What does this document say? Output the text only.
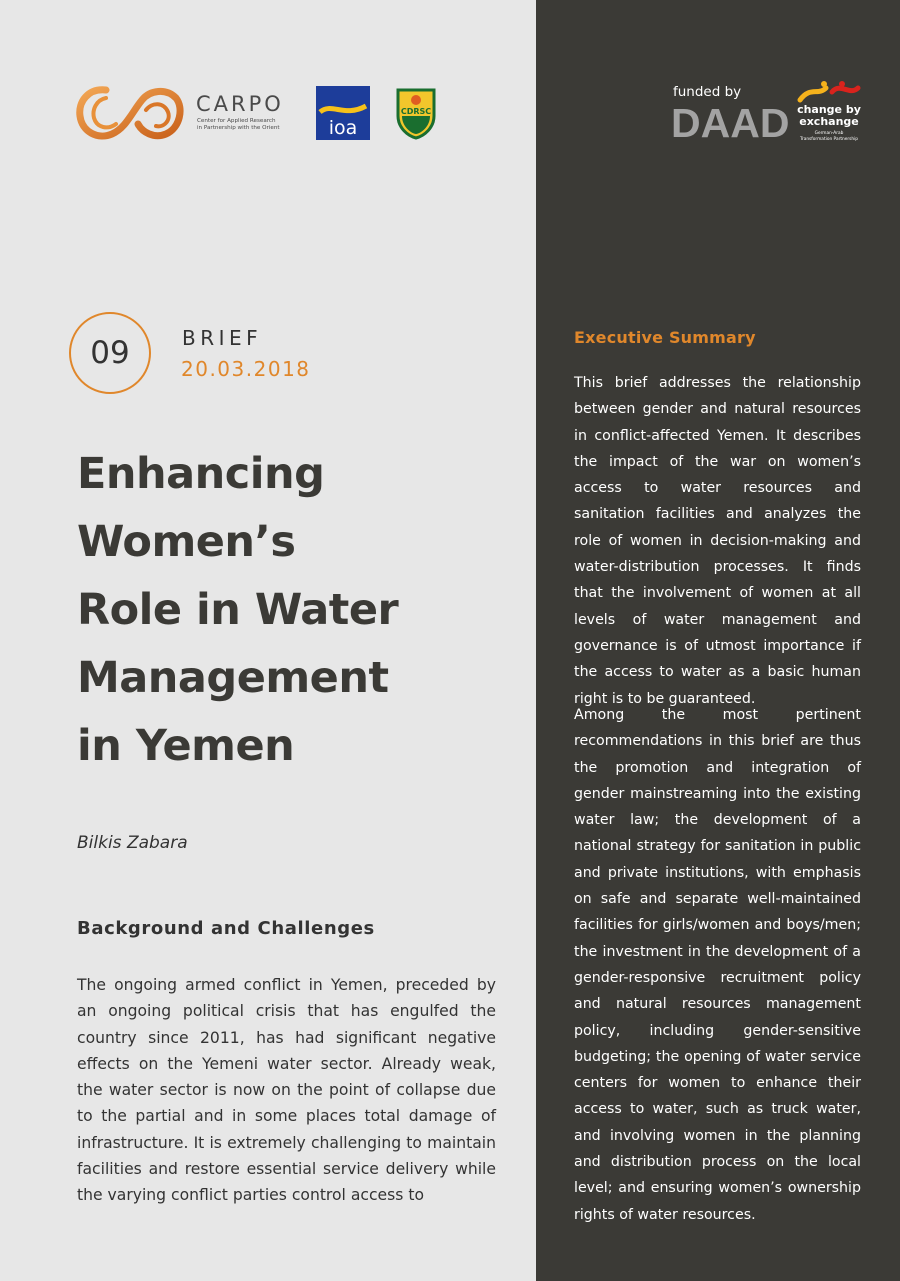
CARPO
Center for Applied Research
in Partnership with the Orient	ioa
CDRSC
funded by
DAAD change by
exchange
German-Arab
Transformation Partnership
09	BRIEF
20.03.2018
Enhancing
Women’s
Role in Water
Management
in Yemen
Bilkis Zabara
Background and Challenges

The ongoing armed conflict in Yemen, preceded by an ongoing political crisis that has engulfed the country since 2011, has had significant negative effects on the Yemeni water sector. Already weak, the water sector is now on the point of collapse due to the partial and in some places total damage of infrastructure. It is extremely challenging to maintain facilities and restore essential service delivery while the varying conflict parties control access to

Executive Summary

This brief addresses the relationship between gender and natural resources in conflict-affected Yemen. It describes the impact of the war on women’s access to water resources and sanitation facilities and analyzes the role of women in decision-making and water-distribution processes. It finds that the involvement of women at all levels of water management and governance is of utmost importance if the access to water as a basic human right is to be guaranteed.

Among the most pertinent recommendations in this brief are thus the promotion and integration of gender mainstreaming into the existing water law; the development of a national strategy for sanitation in public and private institutions, with emphasis on safe and separate well-maintained facilities for girls/women and boys/men; the investment in the development of a gender-responsive recruitment policy and natural resources management policy, including gender-sensitive budgeting; the opening of water service centers for women to enhance their access to water, such as truck water, and involving women in the planning and distribution process on the local level; and ensuring women’s ownership rights of water resources.
